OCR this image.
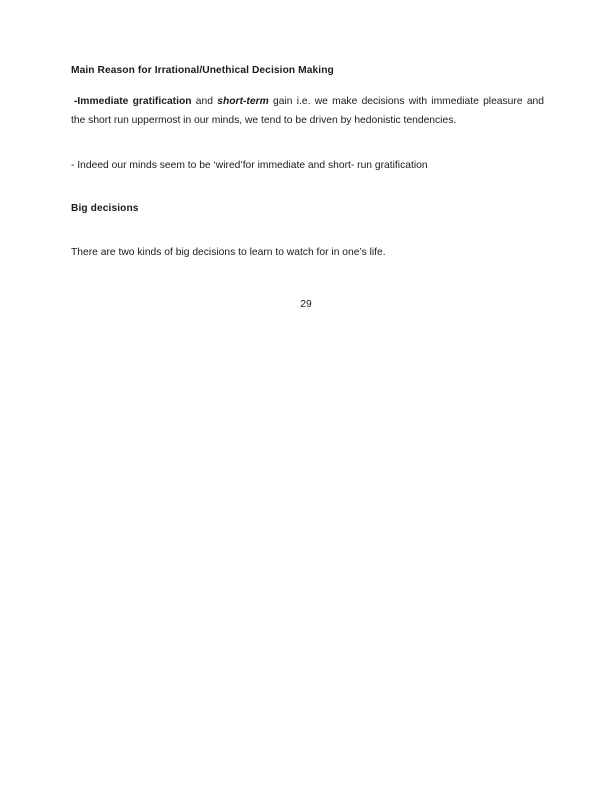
Main Reason for Irrational/Unethical Decision Making

-Immediate gratification and short-term gain i.e. we make decisions with immediate pleasure and the short run uppermost in our minds, we tend to be driven by hedonistic tendencies.

- Indeed our minds seem to be ‘wired’for immediate and short- run gratification

Big decisions

There are two kinds of big decisions to learn to watch for in one’s life.

29
